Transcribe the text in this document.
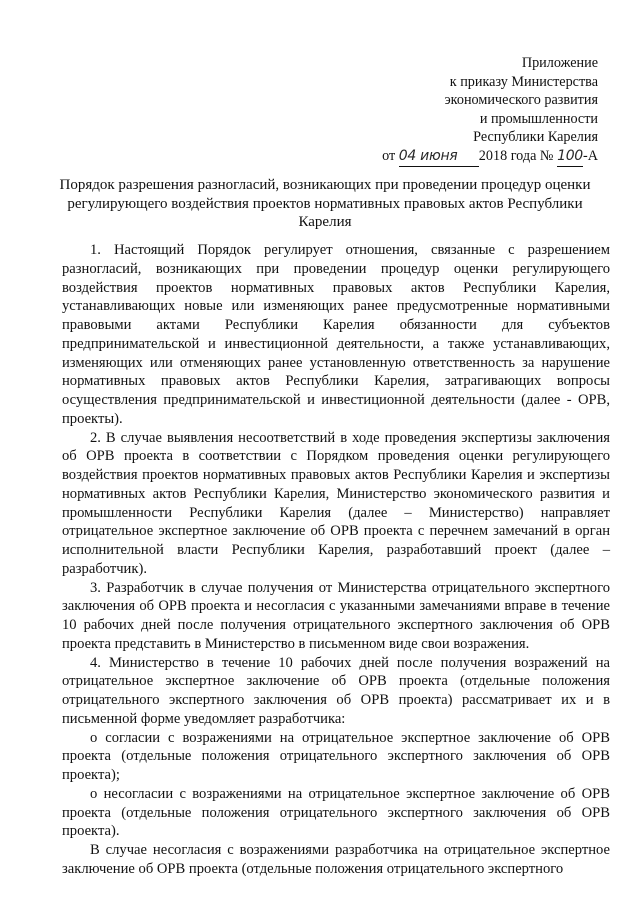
Приложение
к приказу Министерства
экономического развития
и промышленности
Республики Карелия
от 04 июня 2018 года № 100-А
Порядок разрешения разногласий, возникающих при проведении процедур оценки регулирующего воздействия проектов нормативных правовых актов Республики Карелия

1. Настоящий Порядок регулирует отношения, связанные с разрешением разногласий, возникающих при проведении процедур оценки регулирующего воздействия проектов нормативных правовых актов Республики Карелия, устанавливающих новые или изменяющих ранее предусмотренные нормативными правовыми актами Республики Карелия обязанности для субъектов предпринимательской и инвестиционной деятельности, а также устанавливающих, изменяющих или отменяющих ранее установленную ответственность за нарушение нормативных правовых актов Республики Карелия, затрагивающих вопросы осуществления предпринимательской и инвестиционной деятельности (далее - ОРВ, проекты).

2. В случае выявления несоответствий в ходе проведения экспертизы заключения об ОРВ проекта в соответствии с Порядком проведения оценки регулирующего воздействия проектов нормативных правовых актов Республики Карелия и экспертизы нормативных актов Республики Карелия, Министерство экономического развития и промышленности Республики Карелия (далее – Министерство) направляет отрицательное экспертное заключение об ОРВ проекта с перечнем замечаний в орган исполнительной власти Республики Карелия, разработавший проект (далее – разработчик).

3. Разработчик в случае получения от Министерства отрицательного экспертного заключения об ОРВ проекта и несогласия с указанными замечаниями вправе в течение 10 рабочих дней после получения отрицательного экспертного заключения об ОРВ проекта представить в Министерство в письменном виде свои возражения.

4. Министерство в течение 10 рабочих дней после получения возражений на отрицательное экспертное заключение об ОРВ проекта (отдельные положения отрицательного экспертного заключения об ОРВ проекта) рассматривает их и в письменной форме уведомляет разработчика:

о согласии с возражениями на отрицательное экспертное заключение об ОРВ проекта (отдельные положения отрицательного экспертного заключения об ОРВ проекта);

о несогласии с возражениями на отрицательное экспертное заключение об ОРВ проекта (отдельные положения отрицательного экспертного заключения об ОРВ проекта).

В случае несогласия с возражениями разработчика на отрицательное экспертное заключение об ОРВ проекта (отдельные положения отрицательного экспертного
